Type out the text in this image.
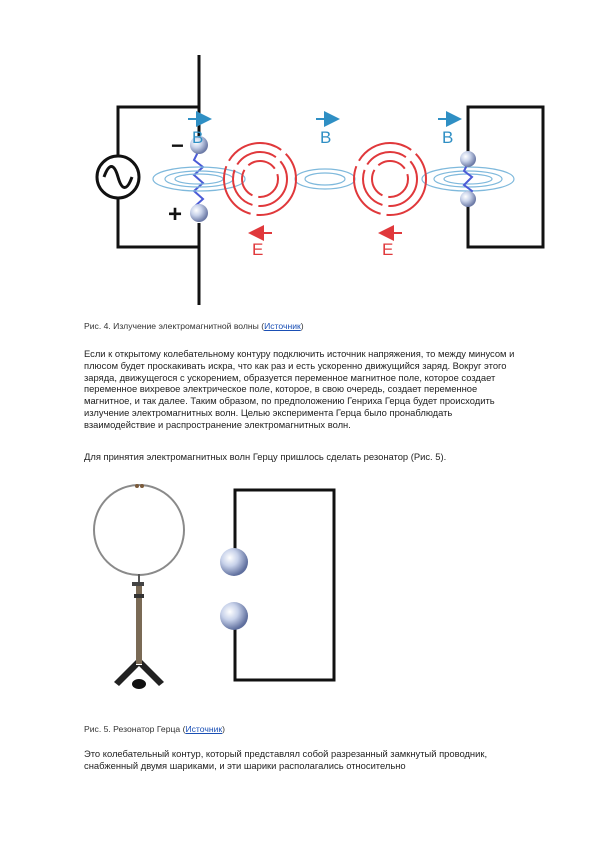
−
+
B	B	B
E	E
Рис. 4. Излучение электромагнитной волны (Источник)
Если к открытому колебательному контуру подключить источник напряжения, то между минусом и плюсом будет проскакивать искра, что как раз и есть ускоренно движущийся заряд. Вокруг этого заряда, движущегося с ускорением, образуется переменное магнитное поле, которое создает переменное вихревое электрическое поле, которое, в свою очередь, создает переменное магнитное, и так далее. Таким образом, по предположению Генриха Герца будет происходить излучение электромагнитных волн. Целью эксперимента Герца было пронаблюдать взаимодействие и распространение электромагнитных волн.
Для принятия электромагнитных волн Герцу пришлось сделать резонатор (Рис. 5).
Рис. 5. Резонатор Герца (Источник)
Это колебательный контур, который представлял собой разрезанный замкнутый проводник, снабженный двумя шариками, и эти шарики располагались относительно
